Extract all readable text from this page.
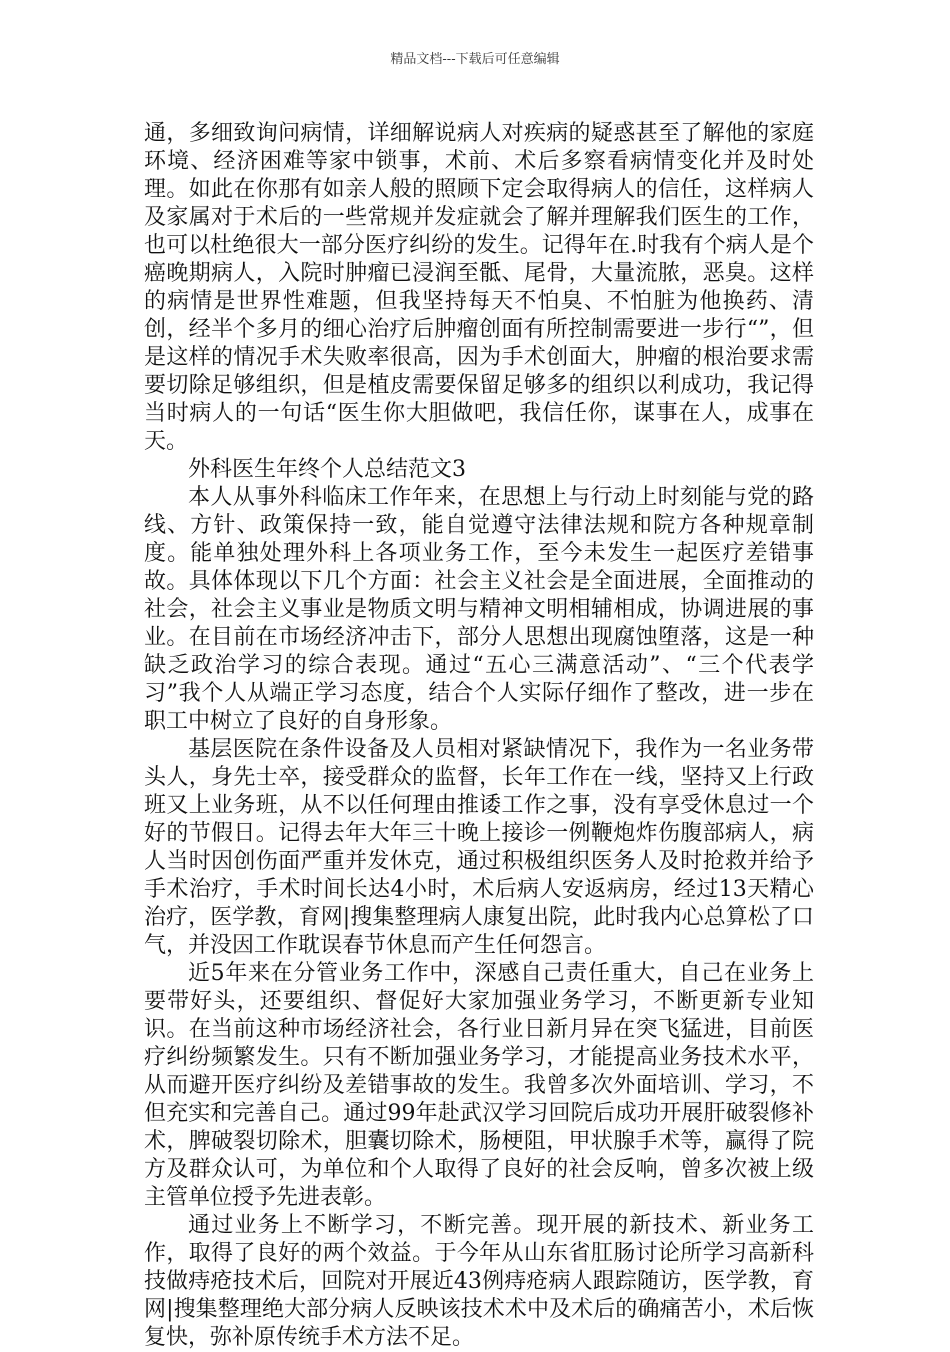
精品文档---下载后可任意编辑

通，多细致询问病情，详细解说病人对疾病的疑惑甚至了解他的家庭环境、经济困难等家中锁事，术前、术后多察看病情变化并及时处理。如此在你那有如亲人般的照顾下定会取得病人的信任，这样病人及家属对于术后的一些常规并发症就会了解并理解我们医生的工作，也可以杜绝很大一部分医疗纠纷的发生。记得年在.时我有个病人是个癌晚期病人，入院时肿瘤已浸润至骶、尾骨，大量流脓，恶臭。这样的病情是世界性难题，但我坚持每天不怕臭、不怕脏为他换药、清创，经半个多月的细心治疗后肿瘤创面有所控制需要进一步行“”，但是这样的情况手术失败率很高，因为手术创面大，肿瘤的根治要求需要切除足够组织，但是植皮需要保留足够多的组织以利成功，我记得当时病人的一句话“医生你大胆做吧，我信任你，谋事在人，成事在天。

外科医生年终个人总结范文3

本人从事外科临床工作年来，在思想上与行动上时刻能与党的路线、方针、政策保持一致，能自觉遵守法律法规和院方各种规章制度。能单独处理外科上各项业务工作，至今未发生一起医疗差错事故。具体体现以下几个方面：社会主义社会是全面进展，全面推动的社会，社会主义事业是物质文明与精神文明相辅相成，协调进展的事业。在目前在市场经济冲击下，部分人思想出现腐蚀堕落，这是一种缺乏政治学习的综合表现。通过“五心三满意活动”、“三个代表学习”我个人从端正学习态度，结合个人实际仔细作了整改，进一步在职工中树立了良好的自身形象。

基层医院在条件设备及人员相对紧缺情况下，我作为一名业务带头人，身先士卒，接受群众的监督，长年工作在一线，坚持又上行政班又上业务班，从不以任何理由推诿工作之事，没有享受休息过一个好的节假日。记得去年大年三十晚上接诊一例鞭炮炸伤腹部病人，病人当时因创伤面严重并发休克，通过积极组织医务人及时抢救并给予手术治疗，手术时间长达4小时，术后病人安返病房，经过13天精心治疗，医学教，育网|搜集整理病人康复出院，此时我内心总算松了口气，并没因工作耽误春节休息而产生任何怨言。

近5年来在分管业务工作中，深感自己责任重大，自己在业务上要带好头，还要组织、督促好大家加强业务学习，不断更新专业知识。在当前这种市场经济社会，各行业日新月异在突飞猛进，目前医疗纠纷频繁发生。只有不断加强业务学习，才能提高业务技术水平，从而避开医疗纠纷及差错事故的发生。我曾多次外面培训、学习，不但充实和完善自己。通过99年赴武汉学习回院后成功开展肝破裂修补术，脾破裂切除术，胆囊切除术，肠梗阻，甲状腺手术等，赢得了院方及群众认可，为单位和个人取得了良好的社会反响，曾多次被上级主管单位授予先进表彰。

通过业务上不断学习，不断完善。现开展的新技术、新业务工作，取得了良好的两个效益。于今年从山东省肛肠讨论所学习高新科技做痔疮技术后，回院对开展近43例痔疮病人跟踪随访，医学教，育网|搜集整理绝大部分病人反映该技术术中及术后的确痛苦小，术后恢复快，弥补原传统手术方法不足。
